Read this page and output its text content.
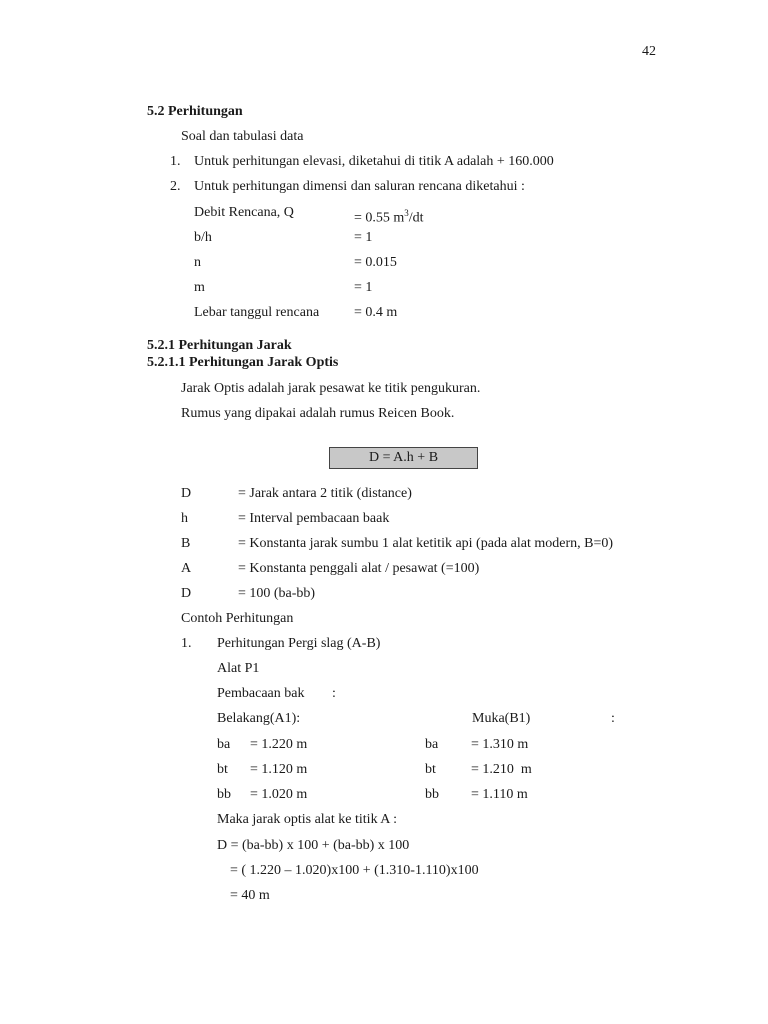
42
5.2 Perhitungan
Soal dan tabulasi data
1. Untuk perhitungan elevasi, diketahui di titik A adalah + 160.000
2. Untuk perhitungan dimensi dan saluran rencana diketahui :
Debit Rencana, Q	= 0.55 $m^3/dt$
b/h	= 1
n	= 0.015
m	= 1
Lebar tanggul rencana = 0.4 m
5.2.1 Perhitungan Jarak
5.2.1.1 Perhitungan Jarak Optis
Jarak Optis adalah jarak pesawat ke titik pengukuran.
Rumus yang dipakai adalah rumus Reicen Book.
D = A.h + B
D	= Jarak antara 2 titik (distance)
h	= Interval pembacaan baak
B	= Konstanta jarak sumbu 1 alat ketitik api (pada alat modern, B=0)
A	= Konstanta penggali alat / pesawat (=100)
D	= 100 (ba-bb)
Contoh Perhitungan
1. Perhitungan Pergi slag (A-B)
Alat P1
Pembacaan bak :
Belakang(A1):	Muka(B1)	:
ba = 1.220 m	ba = 1.310 m
bt = 1.120 m	bt	= 1.210  m
bb = 1.020 m	bb = 1.110 m
Maka jarak optis alat ke titik A :
D = (ba-bb) x 100 + (ba-bb) x 100
= ( 1.220 – 1.020)x100 + (1.310-1.110)x100
= 40 m
